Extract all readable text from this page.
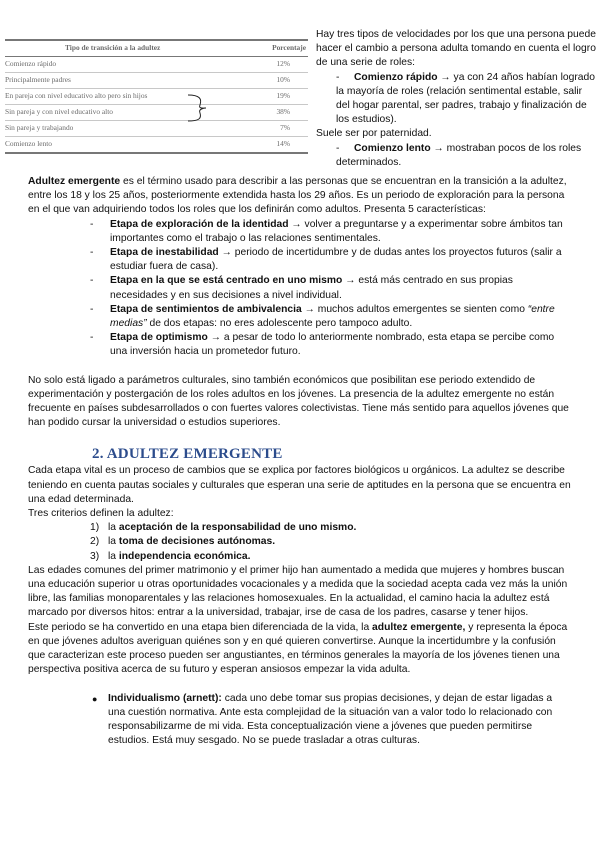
Tipo de transición a la adultez	Porcentaje
Comienzo rápido	12%
Principalmente padres	10%
En pareja con nivel educativo alto pero sin hijos	19%
Sin pareja y con nivel educativo alto	38%
Sin pareja y trabajando	7%
Comienzo lento	14%

Hay tres tipos de velocidades por los que una persona puede hacer el cambio a persona adulta tomando en cuenta el logro de una serie de roles:

- Comienzo rápido → ya con 24 años habían logrado la mayoría de roles (relación sentimental estable, salir del hogar parental, ser padres, trabajo y finalización de los estudios).

Suele ser por paternidad.

- Comienzo lento → mostraban pocos de los roles determinados.

Adultez emergente es el término usado para describir a las personas que se encuentran en la transición a la adultez, entre los 18 y los 25 años, posteriormente extendida hasta los 29 años. Es un periodo de exploración para la persona en el que van adquiriendo todos los roles que los definirán como adultos. Presenta 5 características:

- Etapa de exploración de la identidad → volver a preguntarse y a experimentar sobre ámbitos tan importantes como el trabajo o las relaciones sentimentales.
- Etapa de inestabilidad → periodo de incertidumbre y de dudas antes los proyectos futuros (salir a estudiar fuera de casa).
- Etapa en la que se está centrado en uno mismo → está más centrado en sus propias necesidades y en sus decisiones a nivel individual.
- Etapa de sentimientos de ambivalencia → muchos adultos emergentes se sienten como “entre medias” de dos etapas: no eres adolescente pero tampoco adulto.
- Etapa de optimismo → a pesar de todo lo anteriormente nombrado, esta etapa se percibe como una inversión hacia un prometedor futuro.

No solo está ligado a parámetros culturales, sino también económicos que posibilitan ese periodo extendido de experimentación y postergación de los roles adultos en los jóvenes. La presencia de la adultez emergente no están frecuente en países subdesarrollados o con fuertes valores colectivistas. Tiene más sentido para aquellos jóvenes que han podido cursar la universidad o estudios superiores.

2. ADULTEZ EMERGENTE

Cada etapa vital es un proceso de cambios que se explica por factores biológicos u orgánicos. La adultez se describe teniendo en cuenta pautas sociales y culturales que esperan una serie de aptitudes en la persona que se encuentra en una edad determinada.

Tres criterios definen la adultez:

1) la aceptación de la responsabilidad de uno mismo.
2) la toma de decisiones autónomas.
3) la independencia económica.

Las edades comunes del primer matrimonio y el primer hijo han aumentado a medida que mujeres y hombres buscan una educación superior u otras oportunidades vocacionales y a medida que la sociedad acepta cada vez más la unión libre, las familias monoparentales y las relaciones homosexuales. En la actualidad, el camino hacia la adultez está marcado por diversos hitos: entrar a la universidad, trabajar, irse de casa de los padres, casarse y tener hijos.

Este periodo se ha convertido en una etapa bien diferenciada de la vida, la adultez emergente, y representa la época en que jóvenes adultos averiguan quiénes son y en qué quieren convertirse. Aunque la incertidumbre y la confusión que caracterizan este proceso pueden ser angustiantes, en términos generales la mayoría de los jóvenes tienen una perspectiva positiva acerca de su futuro y esperan ansiosos empezar la vida adulta.

● Individualismo (arnett): cada uno debe tomar sus propias decisiones, y dejan de estar ligadas a una cuestión normativa. Ante esta complejidad de la situación van a valor todo lo relacionado con responsabilizarme de mi vida. Esta conceptualización viene a jóvenes que pueden permitirse estudios. Está muy sesgado. No se puede trasladar a otras culturas.
